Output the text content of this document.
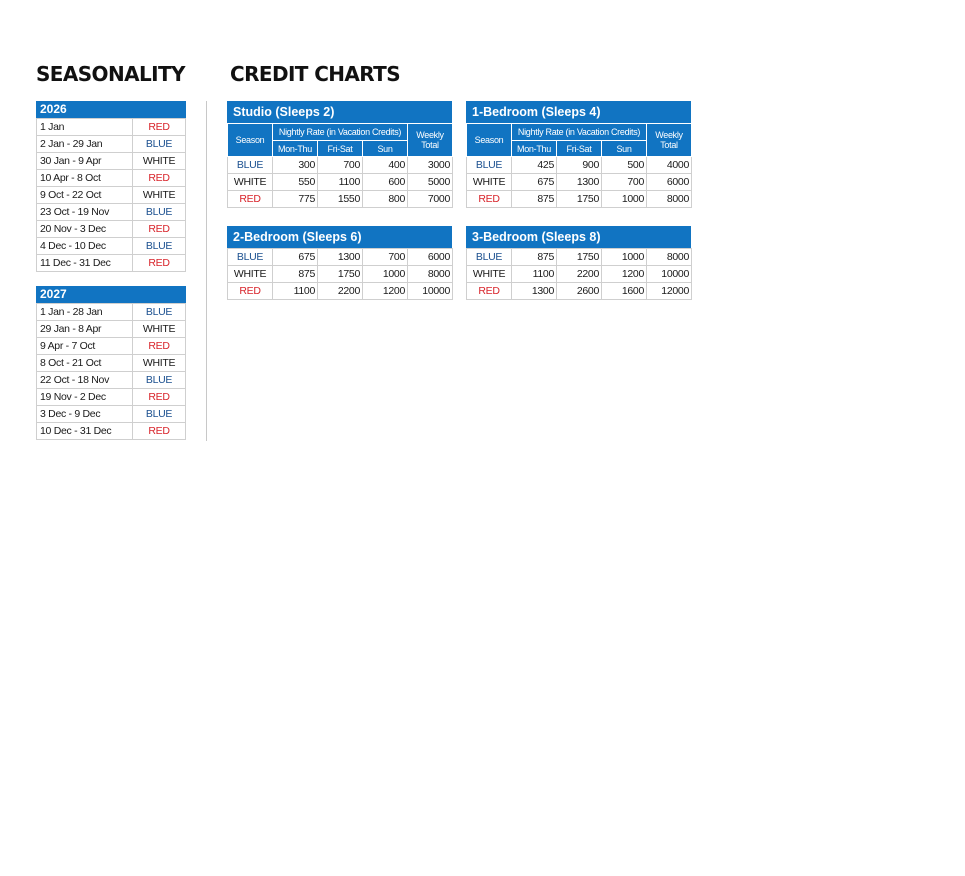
SEASONALITY CREDIT CHARTS
2026
1 Jan	RED
2 Jan - 29 Jan	BLUE
30 Jan - 9 Apr	WHITE
10 Apr - 8 Oct	RED
9 Oct - 22 Oct	WHITE
23 Oct - 19 Nov	BLUE
20 Nov - 3 Dec	RED
4 Dec - 10 Dec	BLUE
11 Dec - 31 Dec	RED
2027
1 Jan - 28 Jan	BLUE
29 Jan - 8 Apr	WHITE
9 Apr - 7 Oct	RED
8 Oct - 21 Oct	WHITE
22 Oct - 18 Nov	BLUE
19 Nov - 2 Dec	RED
3 Dec - 9 Dec	BLUE
10 Dec - 31 Dec	RED
Studio (Sleeps 2)
Season	Nightly Rate (in Vacation Credits)			Weekly Total
	Mon-Thu	Fri-Sat	Sun	
BLUE	300	700	400	3000
WHITE	550	1100	600	5000
RED	775	1550	800	7000
1-Bedroom (Sleeps 4)
Season	Nightly Rate (in Vacation Credits)			Weekly Total
	Mon-Thu	Fri-Sat	Sun	
BLUE	425	900	500	4000
WHITE	675	1300	700	6000
RED	875	1750	1000	8000
2-Bedroom (Sleeps 6)
BLUE	675	1300	700	6000
WHITE	875	1750	1000	8000
RED	1100	2200	1200	10000
3-Bedroom (Sleeps 8)
BLUE	875	1750	1000	8000
WHITE	1100	2200	1200	10000
RED	1300	2600	1600	12000
